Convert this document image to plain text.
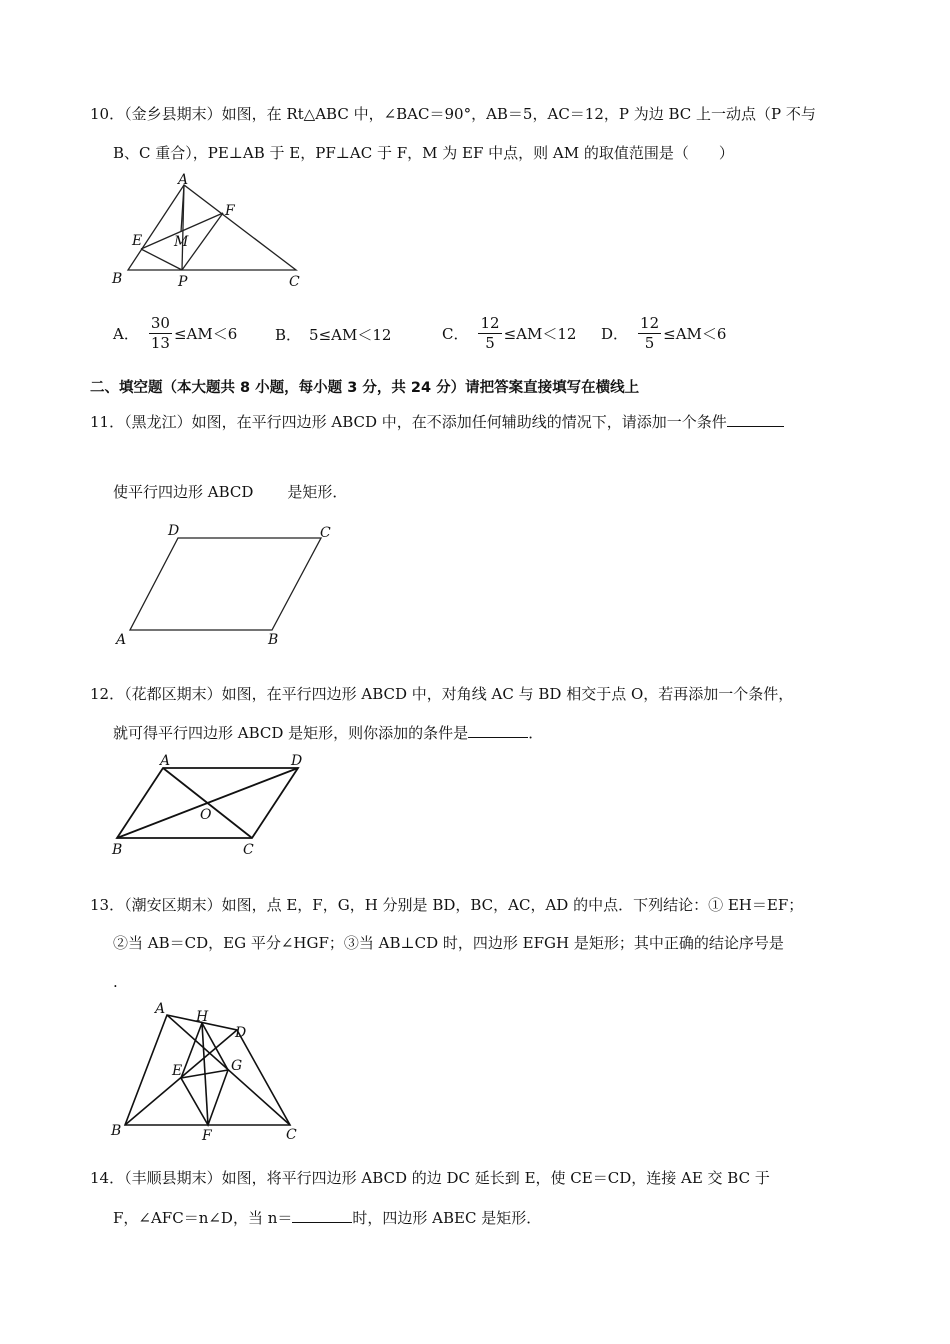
10．（金乡县期末）如图，在 Rt△ABC 中，∠BAC＝90°，AB＝5，AC＝12，P 为边 BC 上一动点（P 不与
B、C 重合），PE⊥AB 于 E，PF⊥AC 于 F，M 为 EF 中点，则 AM 的取值范围是（　　）
A
B	C
E
F
M
P
A． $\frac{30}{13} \le AM<6$	B． 5≤AM＜12	C． $\frac{12}{5} \le AM<12$ D． $\frac{12}{5} \le AM<6$
二、填空题（本大题共 8 小题，每小题 3 分，共 24 分）请把答案直接填写在横线上
11．（黑龙江）如图，在平行四边形 ABCD 中，在不添加任何辅助线的情况下，请添加一个条件
使平行四边形 ABCD 是矩形．
A	B
C
D
12．（花都区期末）如图，在平行四边形 ABCD 中，对角线 AC 与 BD 相交于点 O，若再添加一个条件，
就可得平行四边形 ABCD 是矩形，则你添加的条件是	．
A
B	C
D
O
13．（潮安区期末）如图，点 E，F，G，H 分别是 BD，BC，AC，AD 的中点．下列结论：① EH＝EF；
②当 AB＝CD，EG 平分∠HGF；③当 AB⊥CD 时，四边形 EFGH 是矩形；其中正确的结论序号是
.
A
B	C
D
E
F
G
H
14．（丰顺县期末）如图，将平行四边形 ABCD 的边 DC 延长到 E，使 CE＝CD，连接 AE 交 BC 于
F，∠AFC＝n∠D，当 n＝	时，四边形 ABEC 是矩形．
